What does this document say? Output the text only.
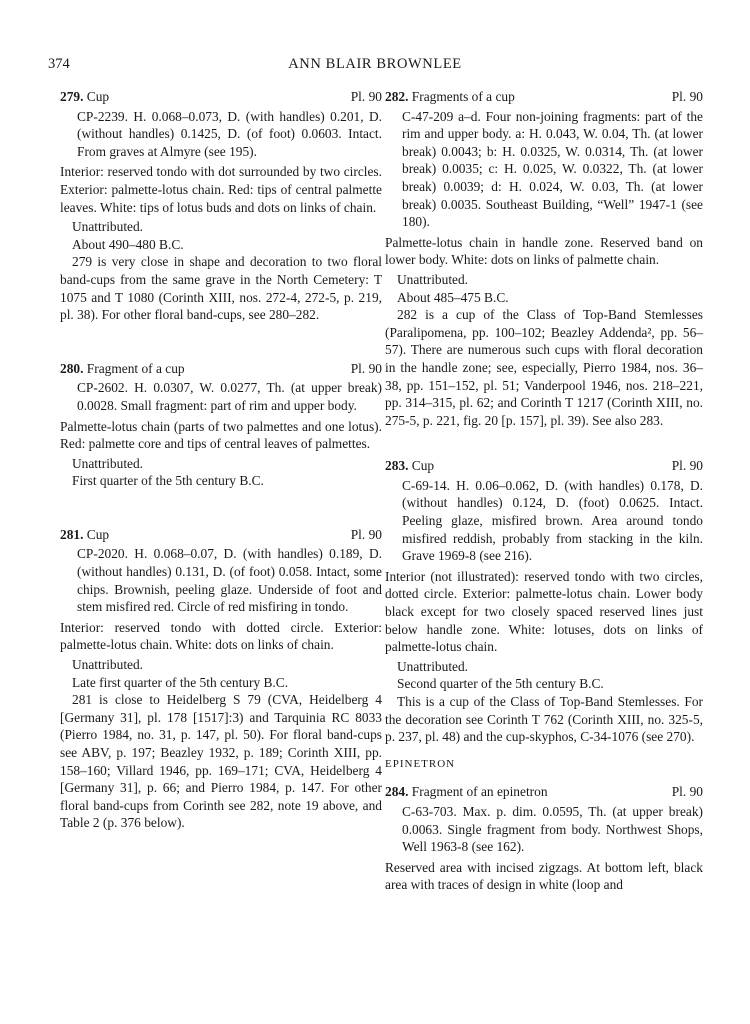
374	ANN BLAIR BROWNLEE
279. Cup	Pl. 90
CP-2239. H. 0.068–0.073, D. (with handles) 0.201, D. (without handles) 0.1425, D. (of foot) 0.0603. Intact. From graves at Almyre (see 195).

Interior: reserved tondo with dot surrounded by two circles. Exterior: palmette-lotus chain. Red: tips of central palmette leaves. White: tips of lotus buds and dots on links of chain.

Unattributed.

About 490–480 B.C.

279 is very close in shape and decoration to two floral band-cups from the same grave in the North Cemetery: T 1075 and T 1080 (Corinth XIII, nos. 272-4, 272-5, p. 219, pl. 38). For other floral band-cups, see 280–282.

280. Fragment of a cup	Pl. 90
CP-2602. H. 0.0307, W. 0.0277, Th. (at upper break) 0.0028. Small fragment: part of rim and upper body.

Palmette-lotus chain (parts of two palmettes and one lotus). Red: palmette core and tips of central leaves of palmettes.

Unattributed.

First quarter of the 5th century B.C.

281. Cup	Pl. 90
CP-2020. H. 0.068–0.07, D. (with handles) 0.189, D. (without handles) 0.131, D. (of foot) 0.058. Intact, some chips. Brownish, peeling glaze. Underside of foot and stem misfired red. Circle of red misfiring in tondo.

Interior: reserved tondo with dotted circle. Exterior: palmette-lotus chain. White: dots on links of chain.

Unattributed.

Late first quarter of the 5th century B.C.

281 is close to Heidelberg S 79 (CVA, Heidelberg 4 [Germany 31], pl. 178 [1517]:3) and Tarquinia RC 8033 (Pierro 1984, no. 31, p. 147, pl. 50). For floral band-cups see ABV, p. 197; Beazley 1932, p. 189; Corinth XIII, pp. 158–160; Villard 1946, pp. 169–171; CVA, Heidelberg 4 [Germany 31], p. 66; and Pierro 1984, p. 147. For other floral band-cups from Corinth see 282, note 19 above, and Table 2 (p. 376 below).

282. Fragments of a cup	Pl. 90
C-47-209 a–d. Four non-joining fragments: part of the rim and upper body. a: H. 0.043, W. 0.04, Th. (at lower break) 0.0043; b: H. 0.0325, W. 0.0314, Th. (at lower break) 0.0035; c: H. 0.025, W. 0.0322, Th. (at lower break) 0.0039; d: H. 0.024, W. 0.03, Th. (at lower break) 0.0035. Southeast Building, “Well” 1947-1 (see 180).

Palmette-lotus chain in handle zone. Reserved band on lower body. White: dots on links of palmette chain.

Unattributed.

About 485–475 B.C.

282 is a cup of the Class of Top-Band Stemlesses (Paralipomena, pp. 100–102; Beazley Addenda², pp. 56–57). There are numerous such cups with floral decoration in the handle zone; see, especially, Pierro 1984, nos. 36–38, pp. 151–152, pl. 51; Vanderpool 1946, nos. 218–221, pp. 314–315, pl. 62; and Corinth T 1217 (Corinth XIII, no. 275-5, p. 221, fig. 20 [p. 157], pl. 39). See also 283.

283. Cup	Pl. 90
C-69-14. H. 0.06–0.062, D. (with handles) 0.178, D. (without handles) 0.124, D. (foot) 0.0625. Intact. Peeling glaze, misfired brown. Area around tondo misfired reddish, probably from stacking in the kiln. Grave 1969-8 (see 216).

Interior (not illustrated): reserved tondo with two circles, dotted circle. Exterior: palmette-lotus chain. Lower body black except for two closely spaced reserved lines just below handle zone. White: lotuses, dots on links of palmette-lotus chain.

Unattributed.

Second quarter of the 5th century B.C.

This is a cup of the Class of Top-Band Stemlesses. For the decoration see Corinth T 762 (Corinth XIII, no. 325-5, p. 237, pl. 48) and the cup-skyphos, C-34-1076 (see 270).

EPINETRON
284. Fragment of an epinetron	Pl. 90
C-63-703. Max. p. dim. 0.0595, Th. (at upper break) 0.0063. Single fragment from body. Northwest Shops, Well 1963-8 (see 162).

Reserved area with incised zigzags. At bottom left, black area with traces of design in white (loop and
